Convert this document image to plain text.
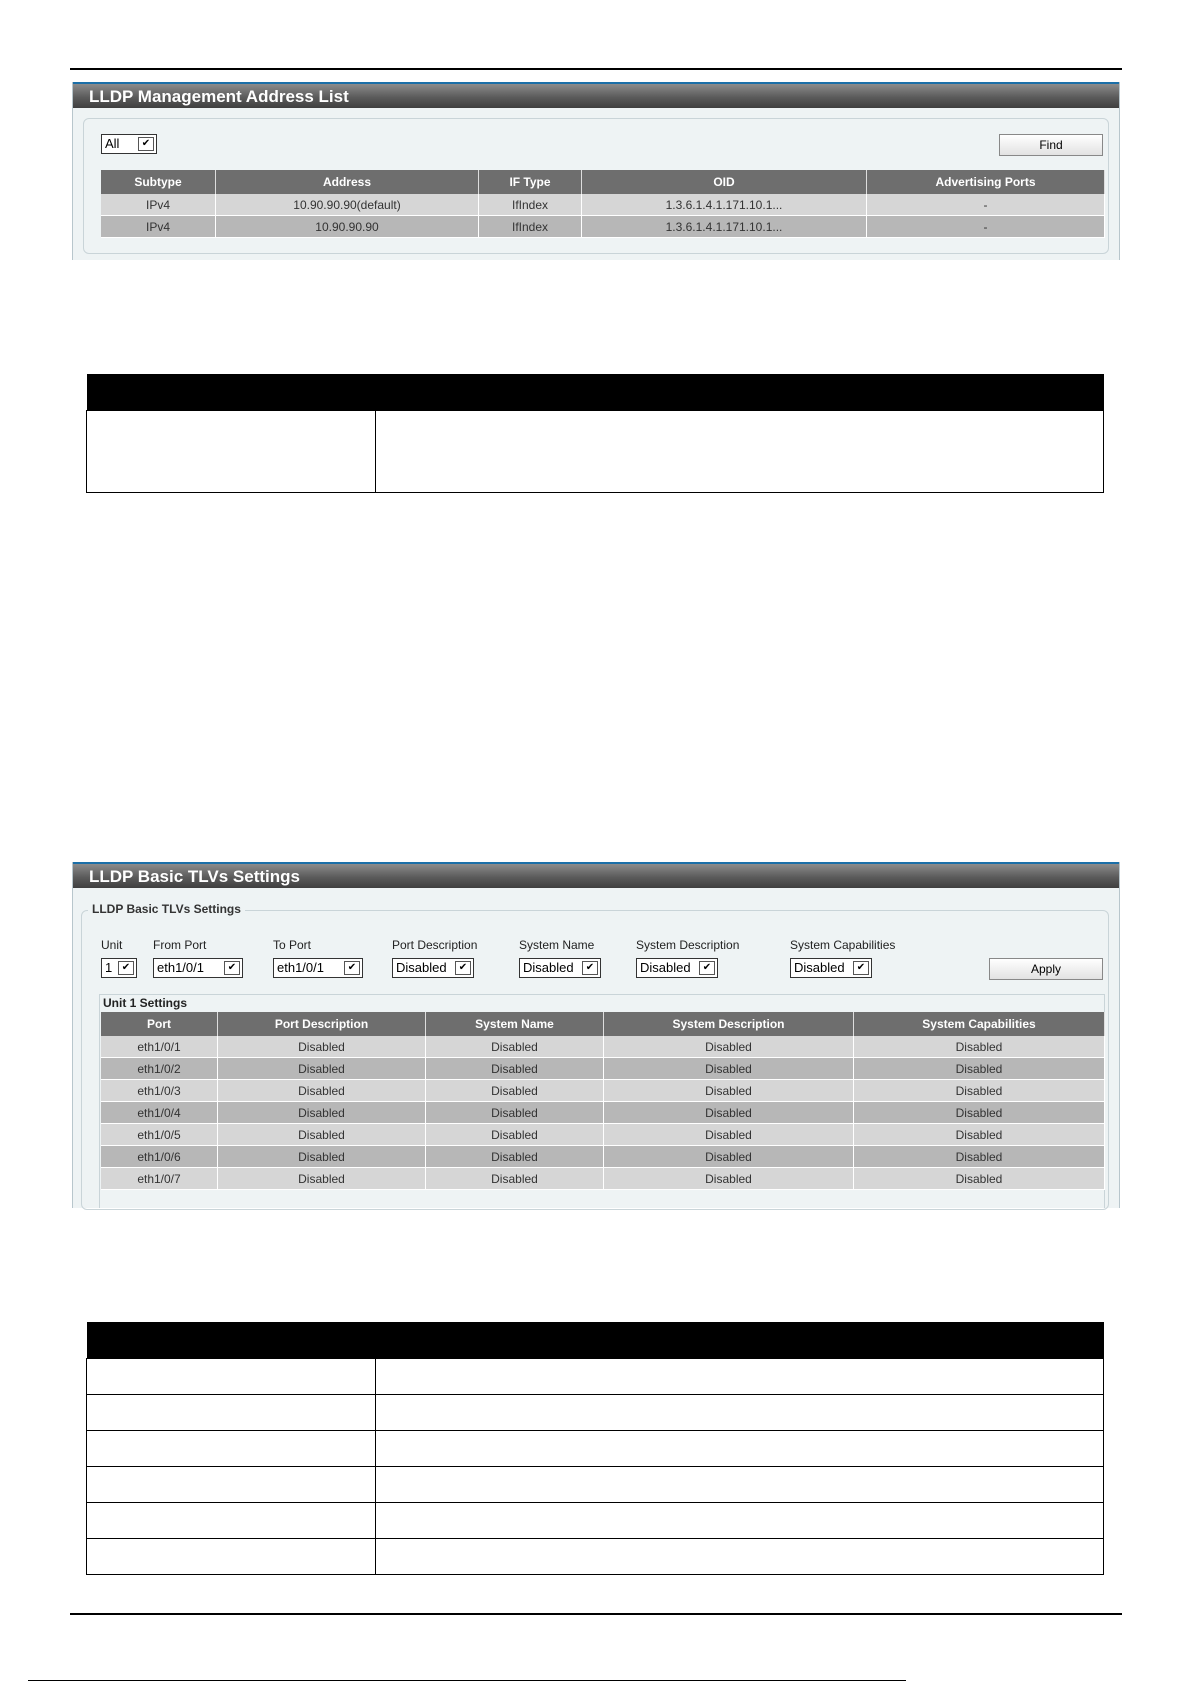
LLDP Management Address List
All	✔	Find
Subtype	Address	IF Type	OID	Advertising Ports
IPv4	10.90.90.90(default)	IfIndex	1.3.6.1.4.1.171.10.1...	-
IPv4	10.90.90.90	IfIndex	1.3.6.1.4.1.171.10.1...	-

LLDP Basic TLVs Settings
LLDP Basic TLVs Settings
Unit	From Port	To Port	Port Description	System Name	System Description	System Capabilities
1 ✔	eth1/0/1	✔	eth1/0/1	✔	Disabled	✔	Disabled	✔	Disabled	✔	Disabled	✔	Apply
Unit 1 Settings
Port	Port Description	System Name	System Description	System Capabilities
eth1/0/1	Disabled	Disabled	Disabled	Disabled
eth1/0/2	Disabled	Disabled	Disabled	Disabled
eth1/0/3	Disabled	Disabled	Disabled	Disabled
eth1/0/4	Disabled	Disabled	Disabled	Disabled
eth1/0/5	Disabled	Disabled	Disabled	Disabled
eth1/0/6	Disabled	Disabled	Disabled	Disabled
eth1/0/7	Disabled	Disabled	Disabled	Disabled
